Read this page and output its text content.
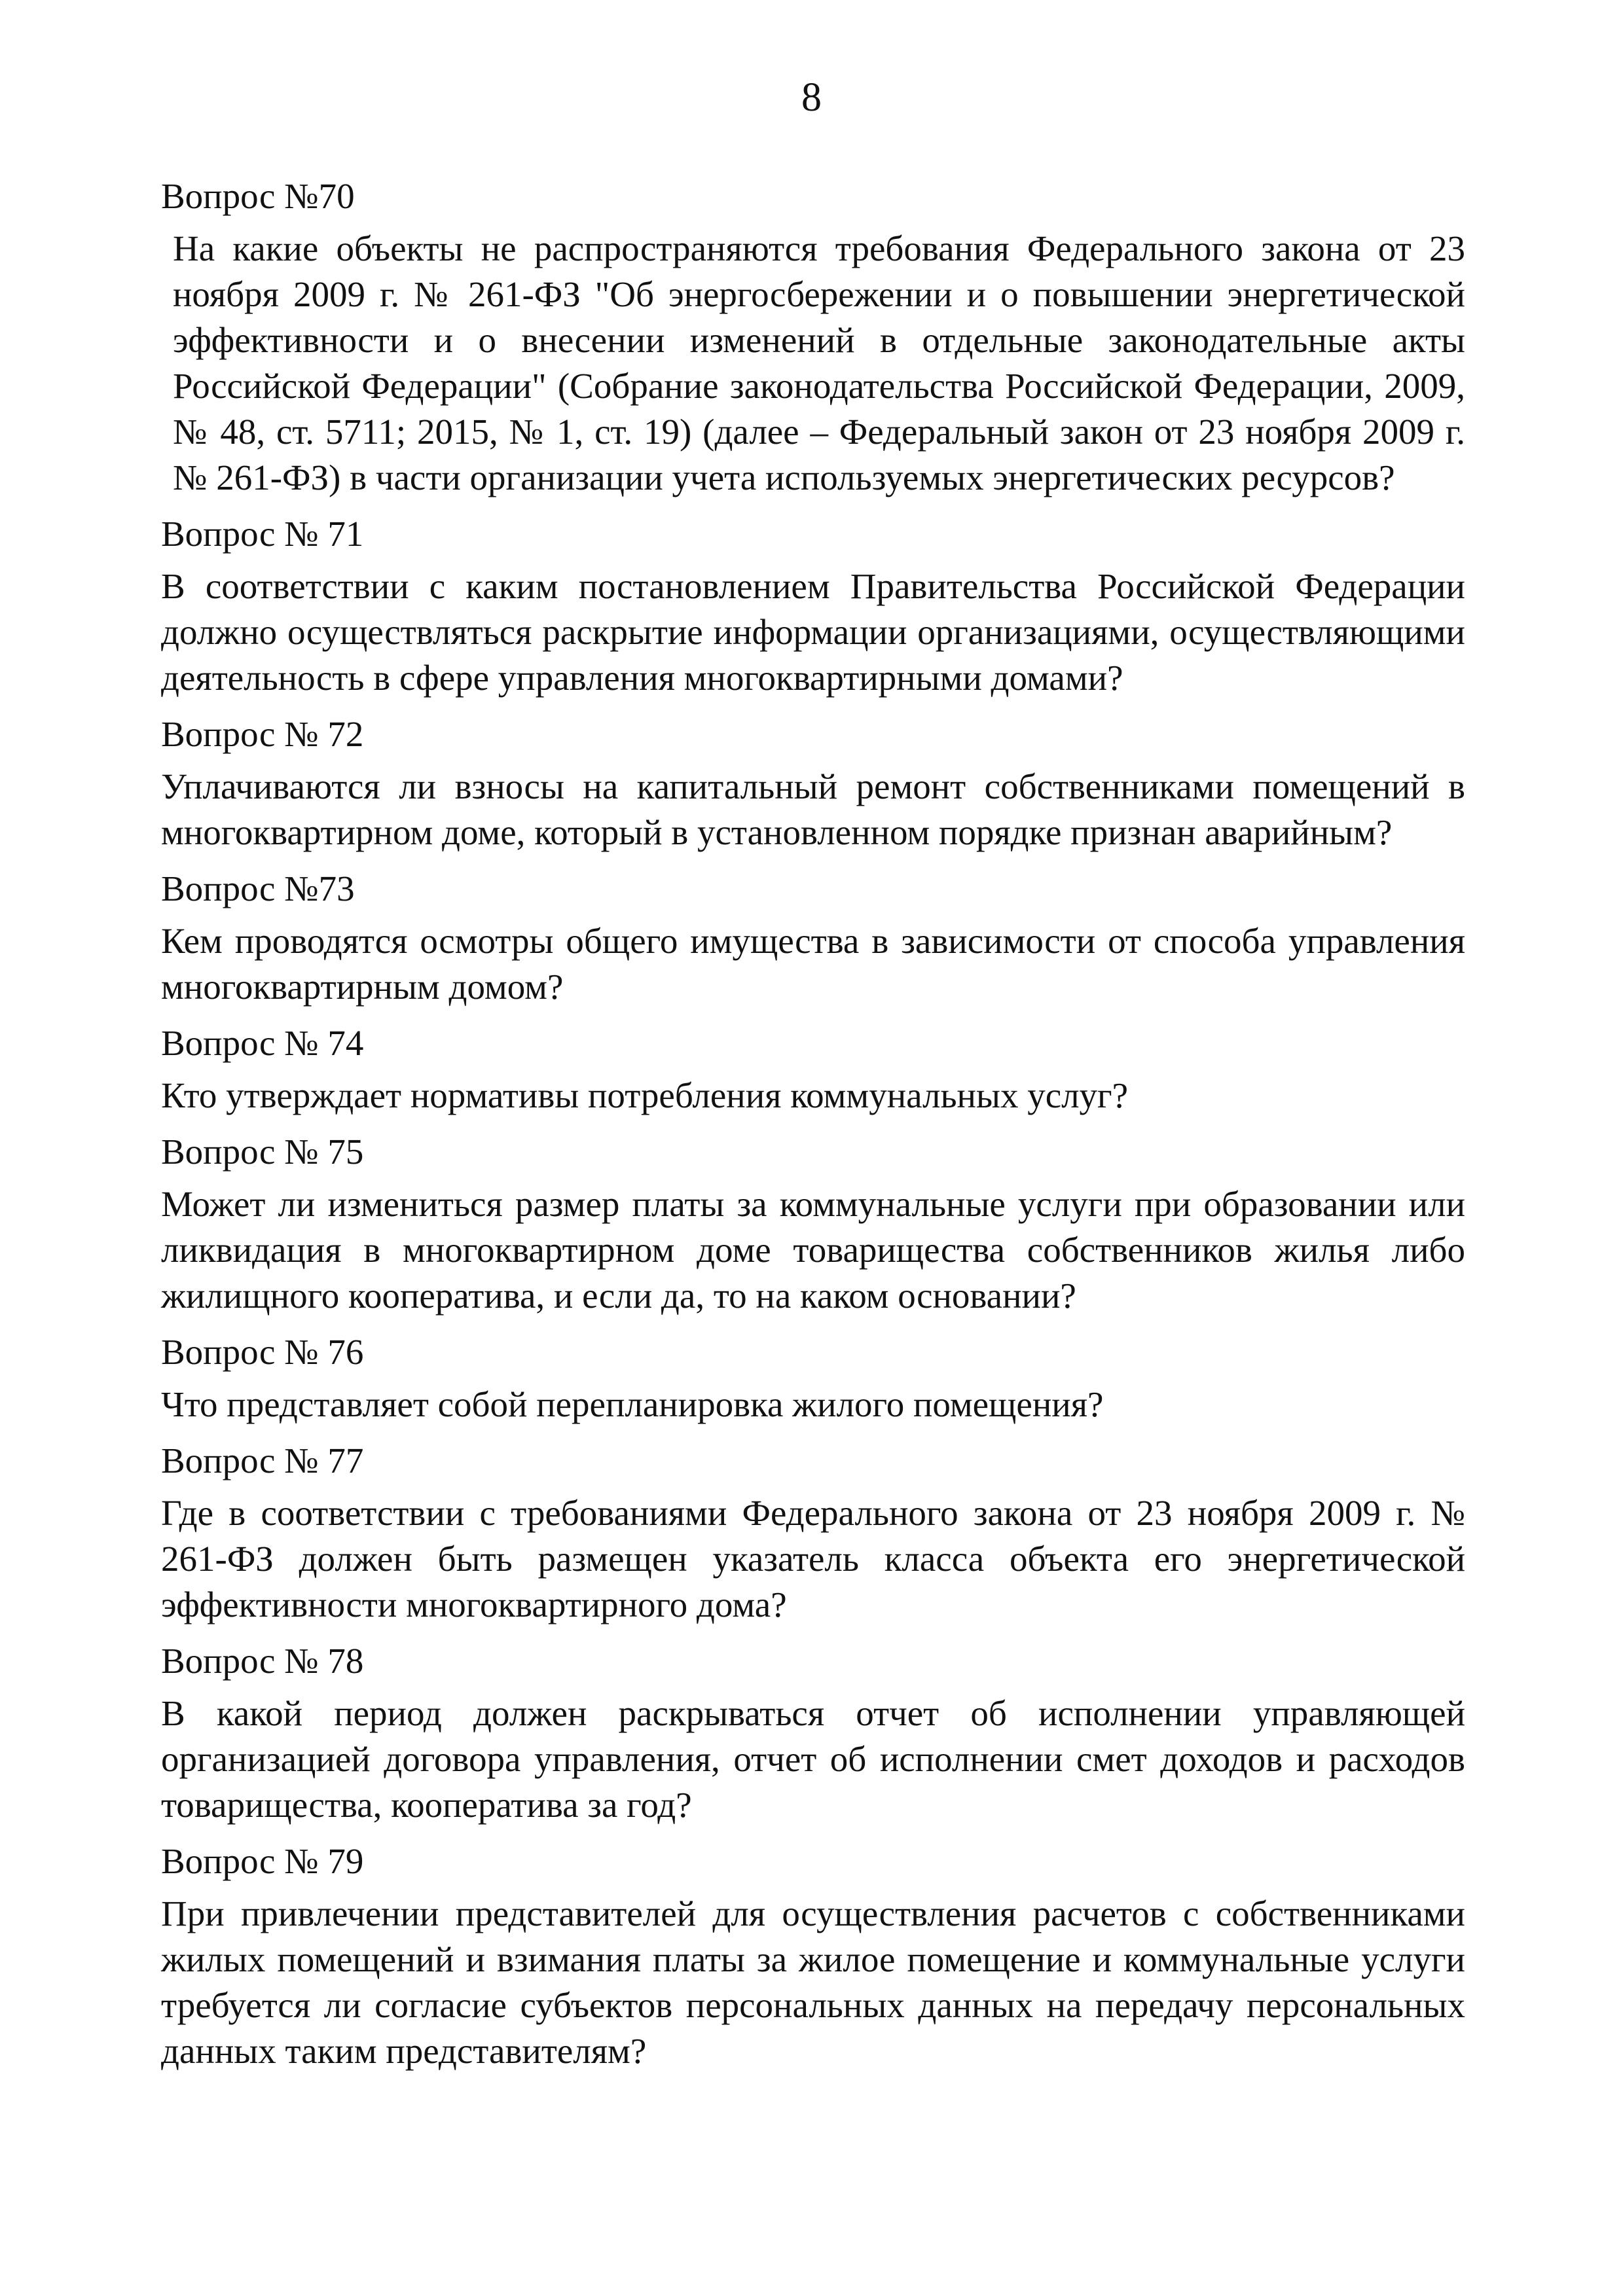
8
Вопрос №70
На какие объекты не распространяются требования Федерального закона от 23 ноября 2009 г. № 261-ФЗ "Об энергосбережении и о повышении энергетической эффективности и о внесении изменений в отдельные законодательные акты Российской Федерации" (Собрание законодательства Российской Федерации, 2009, № 48, ст. 5711; 2015, № 1, ст. 19) (далее – Федеральный закон от 23 ноября 2009 г. № 261-ФЗ) в части организации учета используемых энергетических ресурсов?
Вопрос № 71
В соответствии с каким постановлением Правительства Российской Федерации должно осуществляться раскрытие информации организациями, осуществляющими деятельность в сфере управления многоквартирными домами?
Вопрос № 72
Уплачиваются ли взносы на капитальный ремонт собственниками помещений в многоквартирном доме, который в установленном порядке признан аварийным?
Вопрос №73
Кем проводятся осмотры общего имущества в зависимости от способа управления многоквартирным домом?
Вопрос № 74
Кто утверждает нормативы потребления коммунальных услуг?
Вопрос № 75
Может ли измениться размер платы за коммунальные услуги при образовании или ликвидация в многоквартирном доме товарищества собственников жилья либо жилищного кооператива, и если да, то на каком основании?
Вопрос № 76
Что представляет собой перепланировка жилого помещения?
Вопрос № 77
Где в соответствии с требованиями Федерального закона от 23 ноября 2009 г. № 261-ФЗ должен быть размещен указатель класса объекта его энергетической эффективности многоквартирного дома?
Вопрос № 78
В какой период должен раскрываться отчет об исполнении управляющей организацией договора управления, отчет об исполнении смет доходов и расходов товарищества, кооператива за год?
Вопрос № 79
При привлечении представителей для осуществления расчетов с собственниками жилых помещений и взимания платы за жилое помещение и коммунальные услуги требуется ли согласие субъектов персональных данных на передачу персональных данных таким представителям?
